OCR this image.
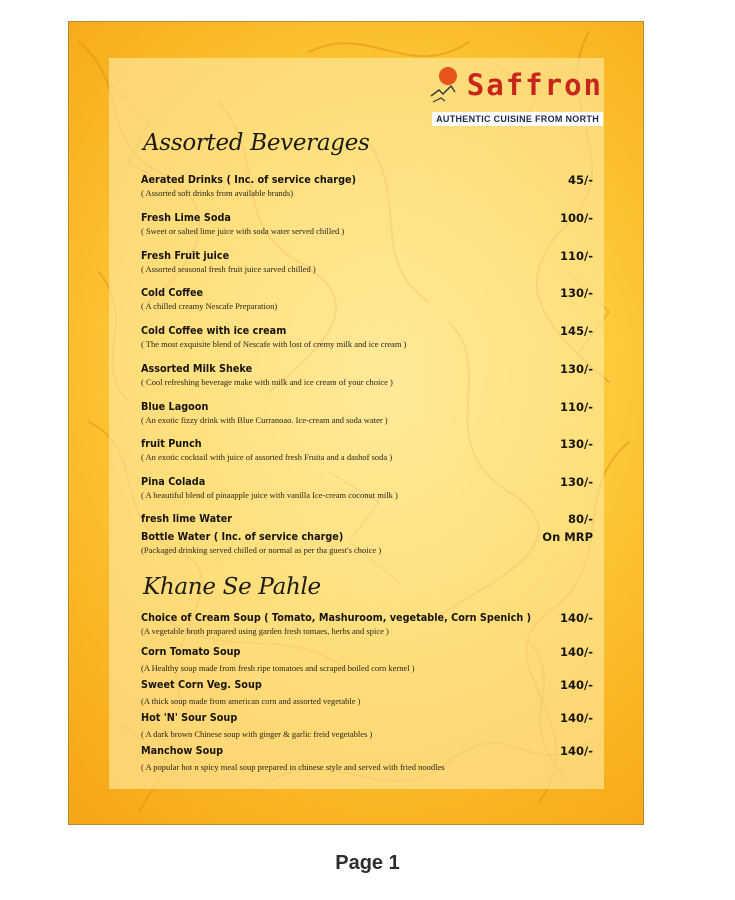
Saffron
AUTHENTIC CUISINE FROM NORTH
Assorted Beverages
Aerated Drinks ( Inc. of service charge)
( Assorted soft drinks from available brands)
45/-
Fresh Lime Soda
( Sweet or salted lime juice with soda water served chilled )
100/-
Fresh Fruit juice
( Assorted seasonal fresh fruit juice sarved chilled )
110/-
Cold Coffee
( A chilled creamy Nescafe Preparation)
130/-
Cold Coffee with ice cream
( The most exquisite blend of Nescafe with lost of cremy milk and ice cream )
145/-
Assorted Milk Sheke
( Cool refreshing beverage make with milk and ice cream of your choice )
130/-
Blue Lagoon
( An exotic fizzy drink with Blue Curranoao. Ice-cream and soda water )
110/-
fruit Punch
( An exotic cocktail with juice of assorted fresh Fruita and a dashof soda )
130/-
Pina Colada
( A beautiful blend of pinaapple juice with vanilla Ice-cream coconut milk )
130/-
fresh lime Water	80/-
Bottle Water ( Inc. of service charge)
(Packaged drinking served chilled or normal as per tha guest's choice )
On MRP
Khane Se Pahle
Choice of Cream Soup ( Tomato, Mashuroom, vegetable, Corn Spenich )
(A vegetable broth prapared using garden fresh tomaes, herbs and spice )
140/-
Corn Tomato Soup
(A Healthy soup made from fresh ripe tomatoes and scraped boiled corn kernel )
140/-
Sweet Corn Veg. Soup
(A thick soup made from american corn and assorted vegetable )
140/-
Hot 'N' Sour Soup
( A dark brown Chinese soup with ginger & garlic freid vegetables )
140/-
Manchow Soup
( A popular hot n spicy meal soup prepared in chinese style and served with fried noodles
140/-
Page 1
